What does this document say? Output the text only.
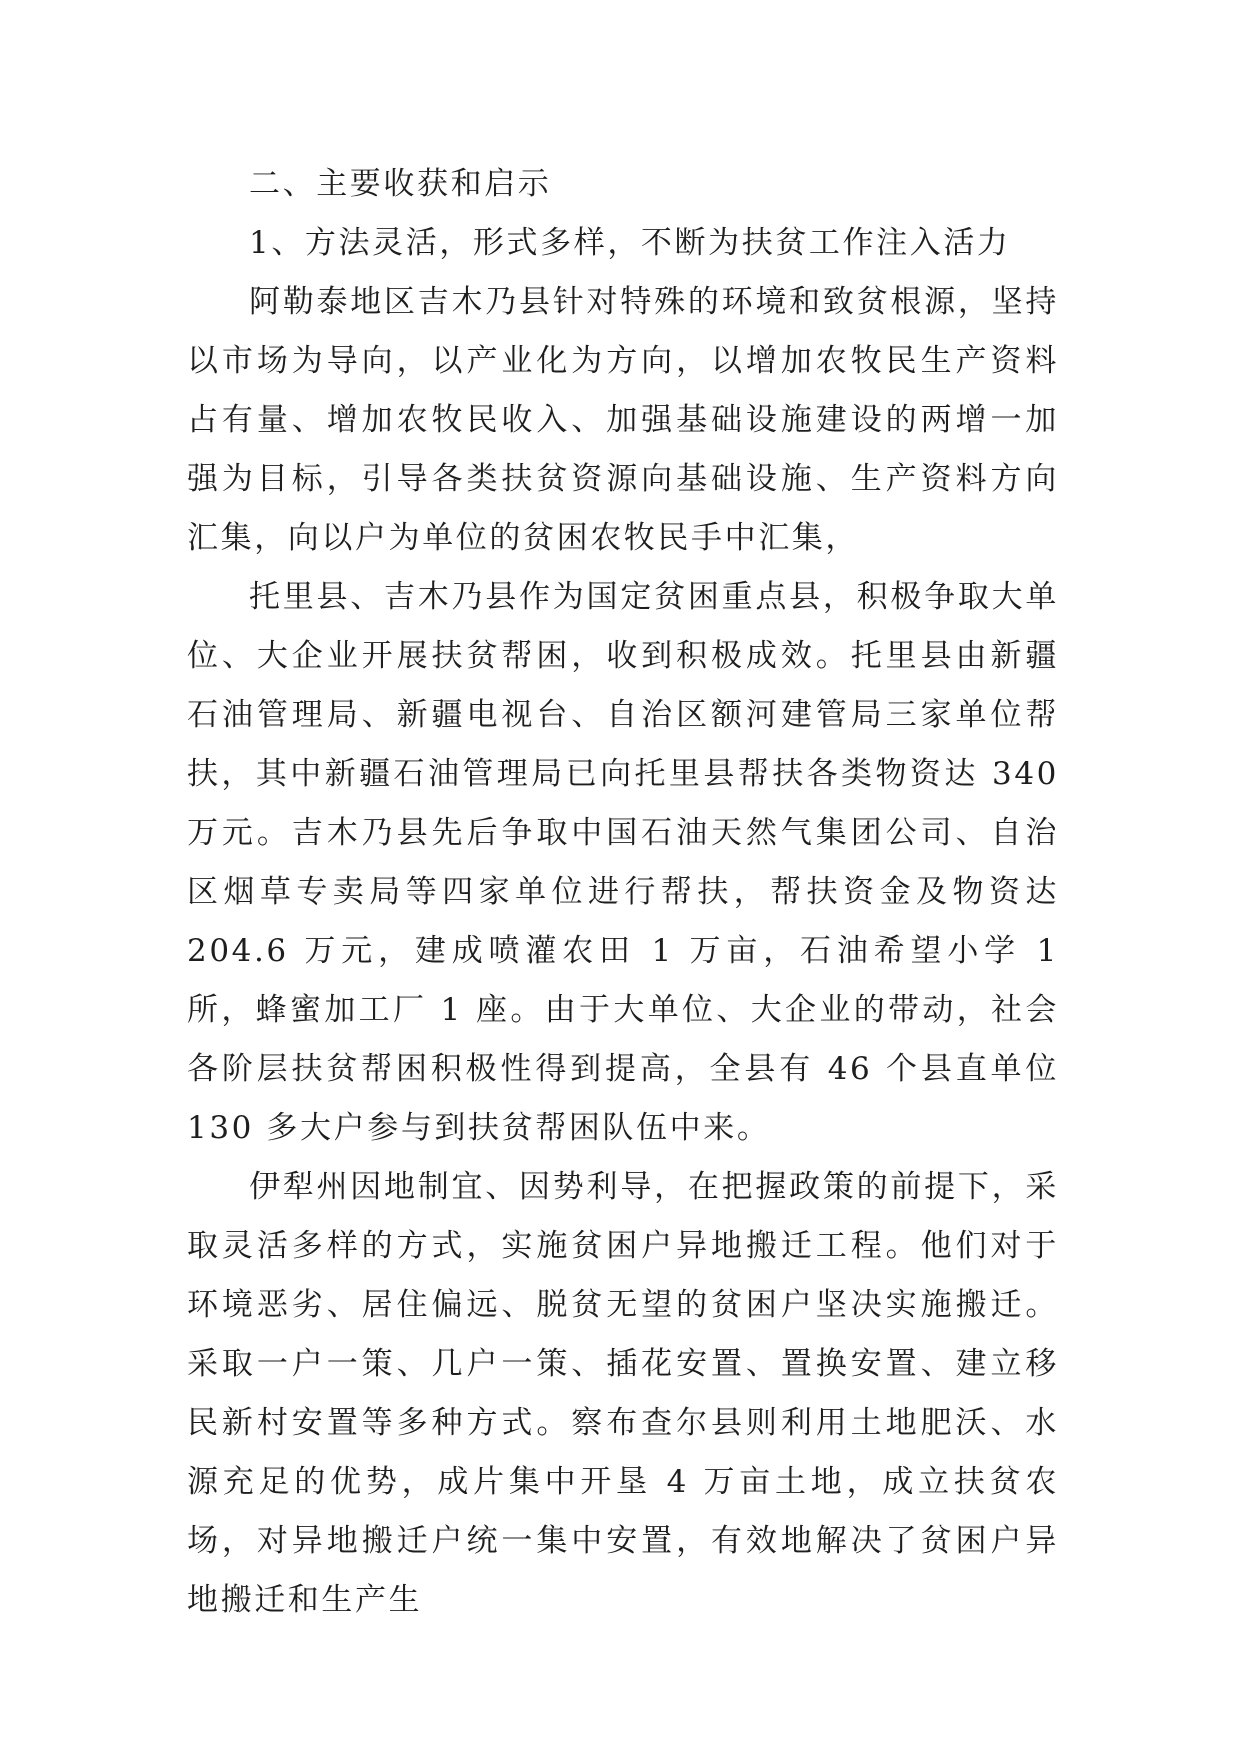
二、主要收获和启示

1、方法灵活，形式多样，不断为扶贫工作注入活力

阿勒泰地区吉木乃县针对特殊的环境和致贫根源，坚持以市场为导向，以产业化为方向，以增加农牧民生产资料占有量、增加农牧民收入、加强基础设施建设的两增一加强为目标，引导各类扶贫资源向基础设施、生产资料方向汇集，向以户为单位的贫困农牧民手中汇集，

托里县、吉木乃县作为国定贫困重点县，积极争取大单位、大企业开展扶贫帮困，收到积极成效。托里县由新疆石油管理局、新疆电视台、自治区额河建管局三家单位帮扶，其中新疆石油管理局已向托里县帮扶各类物资达 340 万元。吉木乃县先后争取中国石油天然气集团公司、自治区烟草专卖局等四家单位进行帮扶，帮扶资金及物资达 204.6 万元，建成喷灌农田 1 万亩，石油希望小学 1 所，蜂蜜加工厂 1 座。由于大单位、大企业的带动，社会各阶层扶贫帮困积极性得到提高，全县有 46 个县直单位 130 多大户参与到扶贫帮困队伍中来。

伊犁州因地制宜、因势利导，在把握政策的前提下，采取灵活多样的方式，实施贫困户异地搬迁工程。他们对于环境恶劣、居住偏远、脱贫无望的贫困户坚决实施搬迁。采取一户一策、几户一策、插花安置、置换安置、建立移民新村安置等多种方式。察布查尔县则利用土地肥沃、水源充足的优势，成片集中开垦 4 万亩土地，成立扶贫农场，对异地搬迁户统一集中安置，有效地解决了贫困户异地搬迁和生产生
